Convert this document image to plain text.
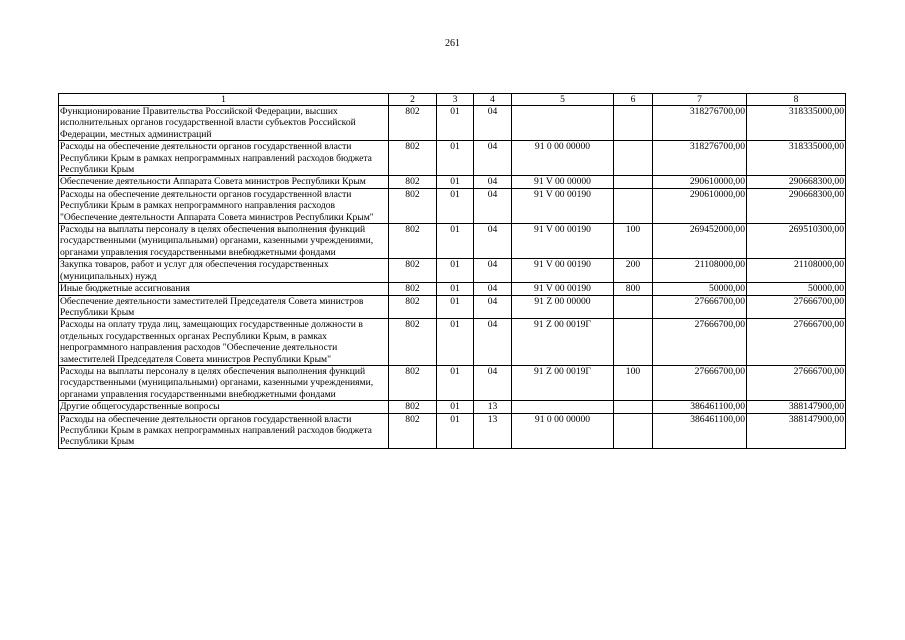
261
1	2	3	4	5	6	7	8
Функционирование Правительства Российской Федерации, высших исполнительных органов государственной власти субъектов Российской Федерации, местных администраций	802	01	04			318276700,00	318335000,00
Расходы на обеспечение деятельности органов государственной власти Республики Крым в рамках непрограммных направлений расходов бюджета Республики Крым	802	01	04	91 0 00 00000		318276700,00	318335000,00
Обеспечение деятельности Аппарата Совета министров Республики Крым	802	01	04	91 V 00 00000		290610000,00	290668300,00
Расходы на обеспечение деятельности органов государственной власти Республики Крым в рамках непрограммного направления расходов "Обеспечение деятельности Аппарата Совета министров Республики Крым"	802	01	04	91 V 00 00190		290610000,00	290668300,00
Расходы на выплаты персоналу в целях обеспечения выполнения функций государственными (муниципальными) органами, казенными учреждениями, органами управления государственными внебюджетными фондами	802	01	04	91 V 00 00190	100	269452000,00	269510300,00
Закупка товаров, работ и услуг для обеспечения государственных (муниципальных) нужд	802	01	04	91 V 00 00190	200	21108000,00	21108000,00
Иные бюджетные ассигнования	802	01	04	91 V 00 00190	800	50000,00	50000,00
Обеспечение деятельности заместителей Председателя Совета министров Республики Крым	802	01	04	91 Z 00 00000		27666700,00	27666700,00
Расходы на оплату труда лиц, замещающих государственные должности в отдельных государственных органах Республики Крым, в рамках непрограммного направления расходов "Обеспечение деятельности заместителей Председателя Совета министров Республики Крым"	802	01	04	91 Z 00 0019Г		27666700,00	27666700,00
Расходы на выплаты персоналу в целях обеспечения выполнения функций государственными (муниципальными) органами, казенными учреждениями, органами управления государственными внебюджетными фондами	802	01	04	91 Z 00 0019Г	100	27666700,00	27666700,00
Другие общегосударственные вопросы	802	01	13			386461100,00	388147900,00
Расходы на обеспечение деятельности органов государственной власти Республики Крым в рамках непрограммных направлений расходов бюджета Республики Крым	802	01	13	91 0 00 00000		386461100,00	388147900,00
